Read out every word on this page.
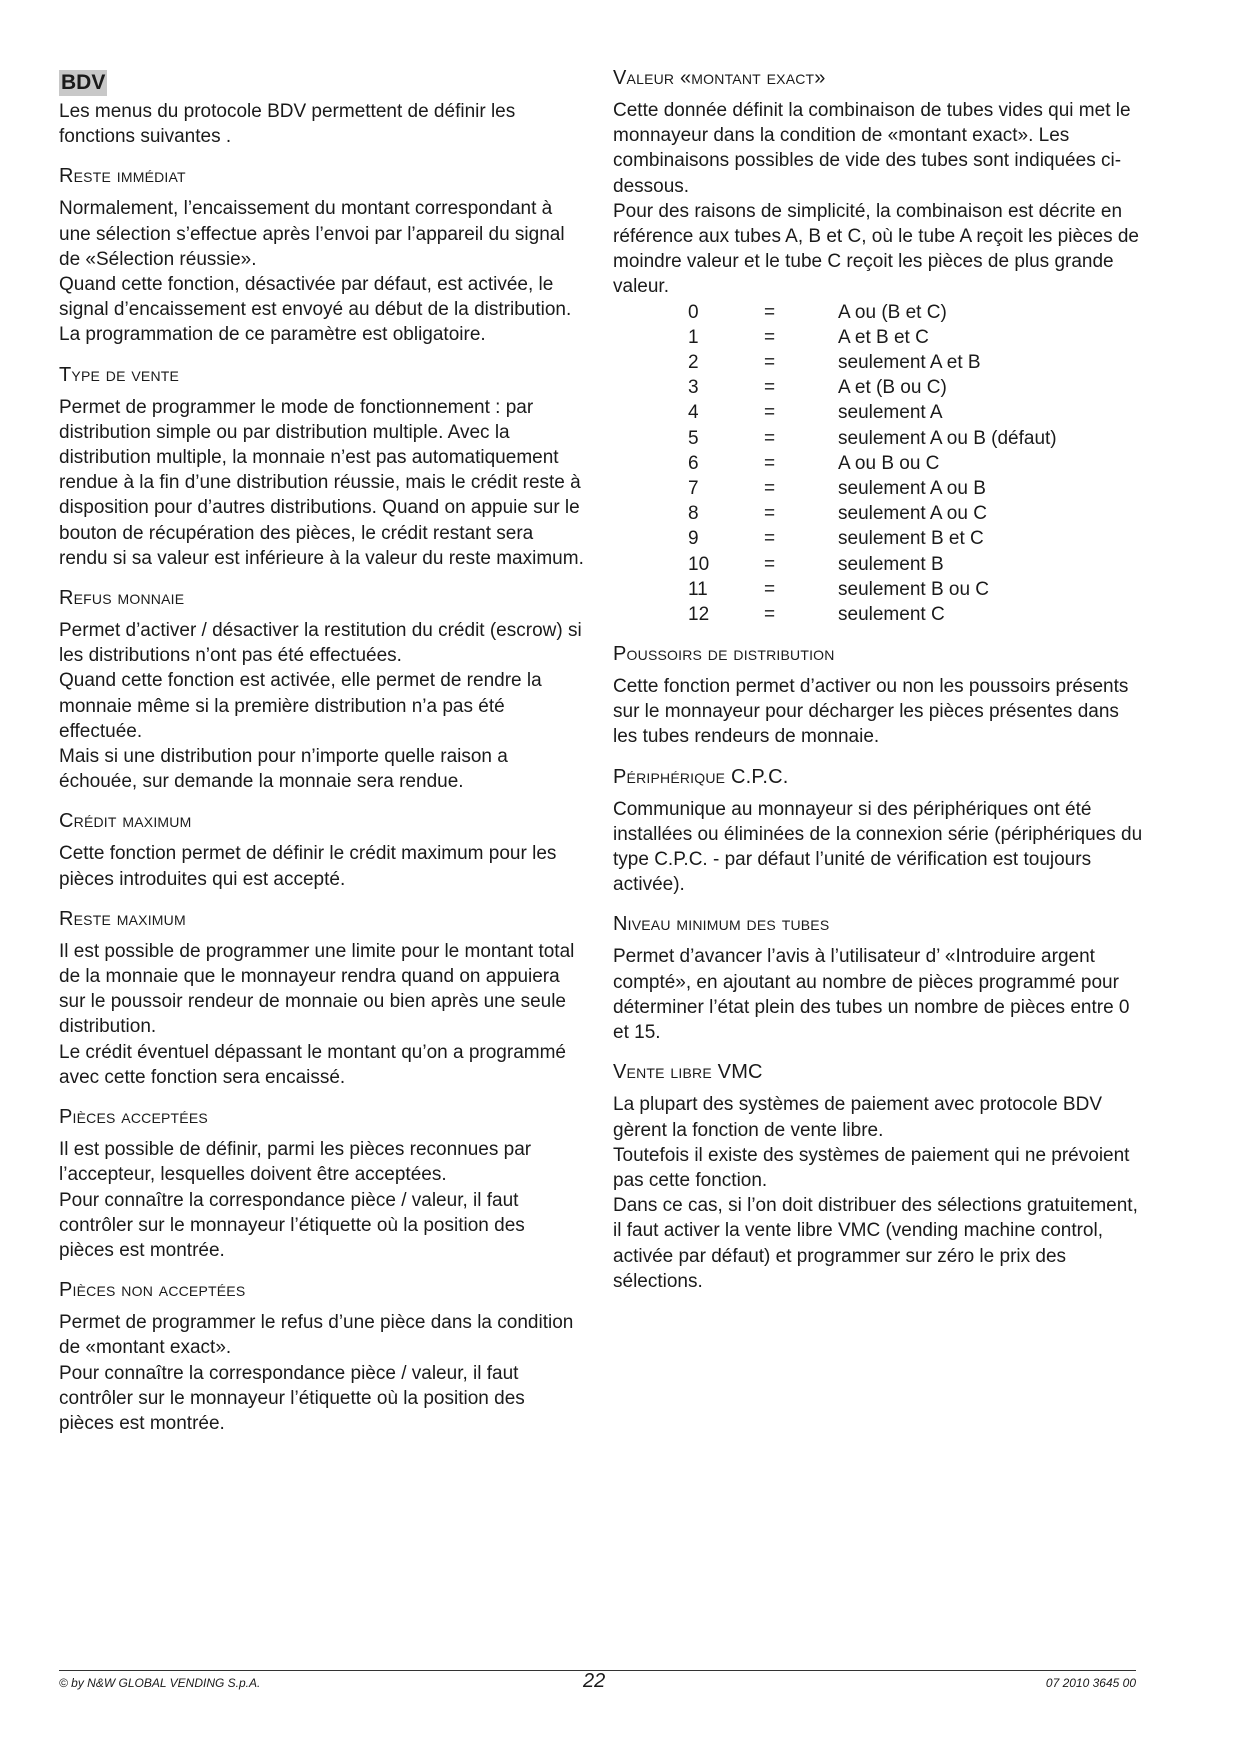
BDV

Les menus du protocole BDV permettent de définir les fonctions suivantes .

Reste immédiat

Normalement, l’encaissement du montant correspondant à une sélection s’effectue après l’envoi par l’appareil du signal de «Sélection réussie».

Quand cette fonction, désactivée par défaut, est activée, le signal d’encaissement est envoyé au début de la distribution. La programmation de ce paramètre est obligatoire.

Type de vente

Permet de programmer le mode de fonctionnement : par distribution simple ou par distribution multiple. Avec la distribution multiple, la monnaie n’est pas automatiquement rendue à la fin d’une distribution réussie, mais le crédit reste à disposition pour d’autres distributions. Quand on appuie sur le bouton de récupération des pièces, le crédit restant sera rendu si sa valeur est inférieure à la valeur du reste maximum.

Refus monnaie

Permet d’activer / désactiver la restitution du crédit (escrow) si les distributions n’ont pas été effectuées.

Quand cette fonction est activée, elle permet de rendre la monnaie même si la première distribution n’a pas été effectuée.

Mais si une distribution pour n’importe quelle raison a échouée, sur demande la monnaie sera rendue.

Crédit maximum

Cette fonction permet de définir le crédit maximum pour les pièces introduites qui est accepté.

Reste maximum

Il est possible de programmer une limite pour le montant total de la monnaie que le monnayeur rendra quand on appuiera sur le poussoir rendeur de monnaie ou bien après une seule distribution.

Le crédit éventuel dépassant le montant qu’on a programmé avec cette fonction sera encaissé.

Pièces acceptées

Il est possible de définir, parmi les pièces reconnues par l’accepteur, lesquelles doivent être acceptées.

Pour connaître la correspondance pièce / valeur, il faut contrôler sur le monnayeur l’étiquette où la position des pièces est montrée.

Pièces non acceptées

Permet de programmer le refus d’une pièce dans la condition de «montant exact».

Pour connaître la correspondance pièce / valeur, il faut contrôler sur le monnayeur l’étiquette où la position des pièces est montrée.

Valeur «montant exact»

Cette donnée définit la combinaison de tubes vides qui met le monnayeur dans la condition de «montant exact». Les combinaisons possibles de vide des tubes sont indiquées ci-dessous.

Pour des raisons de simplicité, la combinaison est décrite en référence aux tubes A, B et C, où le tube A reçoit les pièces de moindre valeur et le tube C reçoit les pièces de plus grande valeur.

0	=	A ou (B et C)
1	=	A et B et C
2	=	seulement A et B
3	=	A et (B ou C)
4	=	seulement A
5	=	seulement A ou B (défaut)
6	=	A ou B ou C
7	=	seulement A ou B
8	=	seulement A ou C
9	=	seulement B et C
10	=	seulement B
11	=	seulement B ou C
12	=	seulement C
Poussoirs de distribution

Cette fonction permet d’activer ou non les poussoirs présents sur le monnayeur pour décharger les pièces présentes dans les tubes rendeurs de monnaie.

Périphérique C.P.C.

Communique au monnayeur si des périphériques ont été installées ou éliminées de la connexion série (périphériques du type C.P.C. - par défaut l’unité de vérification est toujours activée).

Niveau minimum des tubes

Permet d’avancer l’avis à l’utilisateur d’ «Introduire argent compté», en ajoutant au nombre de pièces programmé pour déterminer l’état plein des tubes un nombre de pièces entre 0 et 15.

Vente libre VMC

La plupart des systèmes de paiement avec protocole BDV gèrent la fonction de vente libre.

Toutefois il existe des systèmes de paiement qui ne prévoient pas cette fonction.

Dans ce cas, si l’on doit distribuer des sélections gratuitement, il faut activer la vente libre VMC (vending machine control, activée par défaut) et programmer sur zéro le prix des sélections.

© by N&W GLOBAL VENDING S.p.A.	22	07 2010 3645 00
